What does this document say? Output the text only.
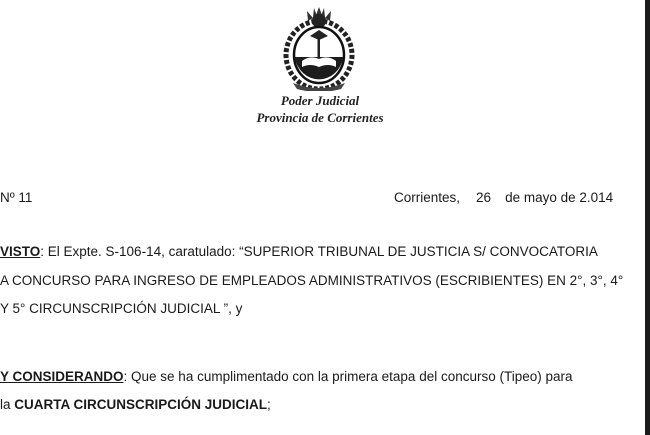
Poder Judicial
Provincia de Corrientes
Nº 11	Corrientes, 26 de mayo de 2.014
VISTO: El Expte. S-106-14, caratulado: “SUPERIOR TRIBUNAL DE JUSTICIA S/ CONVOCATORIA
A CONCURSO PARA INGRESO DE EMPLEADOS ADMINISTRATIVOS (ESCRIBIENTES) EN 2°, 3°, 4°
Y 5° CIRCUNSCRIPCIÓN JUDICIAL ”, y
Y CONSIDERANDO: Que se ha cumplimentado con la primera etapa del concurso (Tipeo) para
la CUARTA CIRCUNSCRIPCIÓN JUDICIAL;
